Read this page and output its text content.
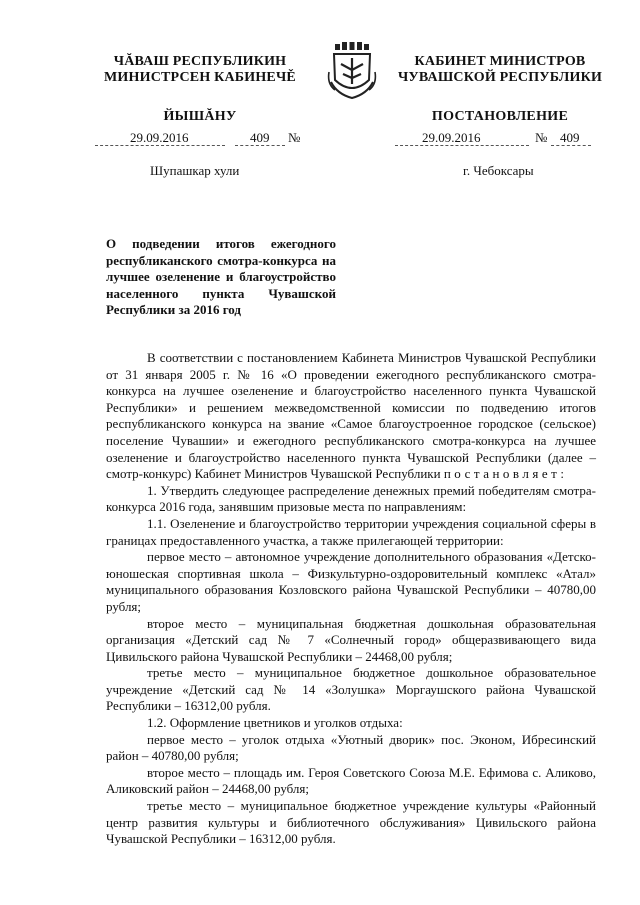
ЧĂВАШ РЕСПУБЛИКИН
МИНИСТРСЕН КАБИНЕЧĚ
ЙЫШĂНУ
КАБИНЕТ МИНИСТРОВ
ЧУВАШСКОЙ РЕСПУБЛИКИ
ПОСТАНОВЛЕНИЕ
29.09.2016	409 №	29.09.2016	№ 409
Шупашкар хули	г. Чебоксары
О подведении итогов ежегодного республиканского смотра-конкурса на лучшее озеленение и благоустройство населенного пункта Чувашской Республики за 2016 год

В соответствии с постановлением Кабинета Министров Чувашской Республики от 31 января 2005 г. № 16 «О проведении ежегодного республиканского смотра-конкурса на лучшее озеленение и благоустройство населенного пункта Чувашской Республики» и решением межведомственной комиссии по подведению итогов республиканского конкурса на звание «Самое благоустроенное городское (сельское) поселение Чувашии» и ежегодного республиканского смотра-конкурса на лучшее озеленение и благоустройство населенного пункта Чувашской Республики (далее – смотр-конкурс) Кабинет Министров Чувашской Республики постановляет:

1. Утвердить следующее распределение денежных премий победителям смотра-конкурса 2016 года, занявшим призовые места по направлениям:

1.1. Озеленение и благоустройство территории учреждения социальной сферы в границах предоставленного участка, а также прилегающей территории:

первое место – автономное учреждение дополнительного образования «Детско-юношеская спортивная школа – Физкультурно-оздоровительный комплекс «Атал» муниципального образования Козловского района Чувашской Республики – 40780,00 рубля;

второе место – муниципальная бюджетная дошкольная образовательная организация «Детский сад № 7 «Солнечный город» общеразвивающего вида Цивильского района Чувашской Республики – 24468,00 рубля;

третье место – муниципальное бюджетное дошкольное образовательное учреждение «Детский сад № 14 «Золушка» Моргаушского района Чувашской Республики – 16312,00 рубля.

1.2. Оформление цветников и уголков отдыха:

первое место – уголок отдыха «Уютный дворик» пос. Эконом, Ибресинский район – 40780,00 рубля;

второе место – площадь им. Героя Советского Союза М.Е. Ефимова с. Аликово, Аликовский район – 24468,00 рубля;

третье место – муниципальное бюджетное учреждение культуры «Районный центр развития культуры и библиотечного обслуживания» Цивильского района Чувашской Республики – 16312,00 рубля.
